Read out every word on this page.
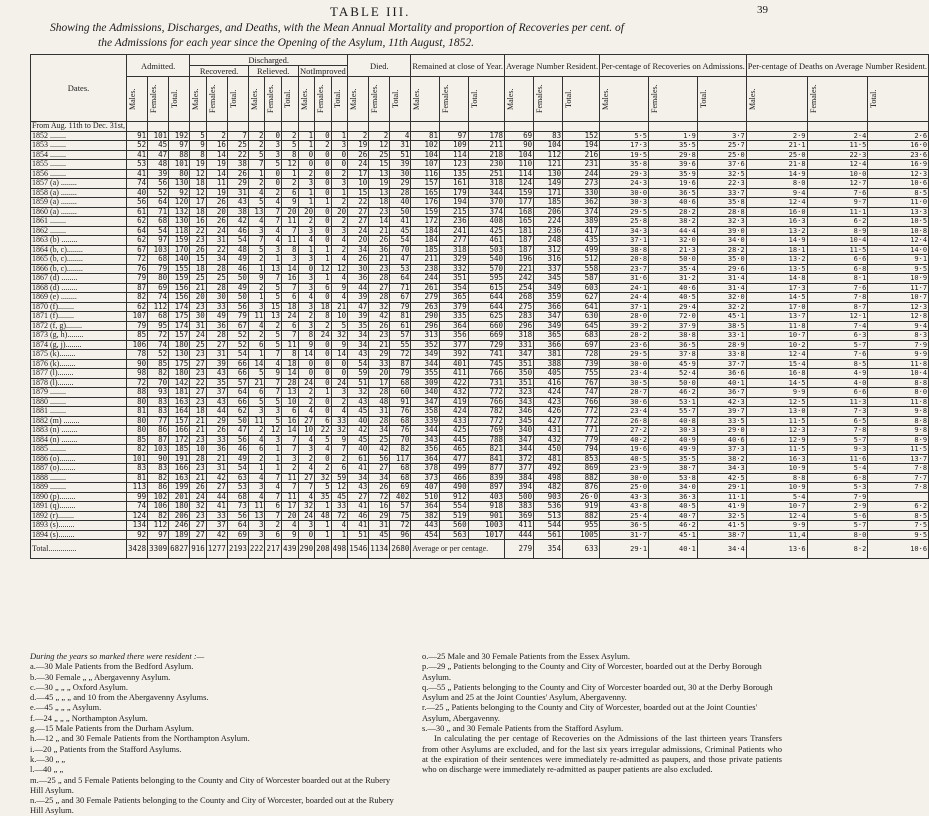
TABLE III.	39
Showing the Admissions, Discharges, and Deaths, with the Mean Annual Mortality and proportion of Recoveries per cent. of
the Admissions for each year since the Opening of the Asylum, 11th August, 1852.
Dates.	Admitted.			Discharged.									Died.			Remained at close of Year.			Average Number Resident.			Per-centage of Recoveries on Admissions.			Per-centage of Deaths on Average Number Resident.		
				Recovered.			Relieved.			NotImproved																	

	Males.	Females.	Total.	Males.	Females.	Total.	Males.	Females.	Total.	Males.	Females.	Total.	Males.	Females.	Total.	Males.	Females.	Total.	Males.	Females.	Total.	Males.	Females.	Total.	Males.	Females.	Total.

From Aug. 11th to Dec. 31st,																											
1852 ........	91	101	192	5	2	7	2	0	2	1	0	1	2	2	4	81	97	178	69	83	152	5·5	1·9	3·7	2·9	2·4	2·6
1853 ........	52	45	97	9	16	25	2	3	5	1	2	3	19	12	31	102	109	211	90	104	194	17·3	35·5	25·7	21·1	11·5	16·0
1854 ........	41	47	88	8	14	22	5	3	8	0	0	0	26	25	51	104	114	218	104	112	216	19·5	29·8	25·0	25·0	22·3	23·6
1855 ........	53	48	101	19	19	38	7	5	12	0	0	0	24	15	39	107	123	230	110	121	231	35·8	39·6	37·6	21·8	12·4	16·9
1856 ........	41	39	80	12	14	26	1	0	1	2	0	2	17	13	30	116	135	251	114	130	244	29·3	35·9	32·5	14·9	10·0	12·3
1857 (a) ........	74	56	130	18	11	29	2	0	2	3	0	3	10	19	29	157	161	318	124	149	273	24·3	19·6	22·3	8·0	12·7	10·6
1858 (a) ........	40	52	92	12	19	31	4	2	6	1	0	1	15	13	28	165	179	344	159	171	330	30·0	36·5	33·7	9·4	7·6	8·5
1859 (a) ........	56	64	120	17	26	43	5	4	9	1	1	2	22	18	40	176	194	370	177	185	362	30·3	40·6	35·8	12·4	9·7	11·0
1860 (a) ........	61	71	132	18	20	38	13	7	20	20	0	20	27	23	50	159	215	374	168	206	374	29·5	28·2	28·8	16·0	11·1	13·3
1861 ........	62	68	130	16	26	42	4	7	11	2	0	2	27	14	41	172	236	408	165	224	389	25·8	38·2	32·3	16·3	6·2	10·5
1862 ........	64	54	118	22	24	46	3	4	7	3	0	3	24	21	45	184	241	425	181	236	417	34·3	44·4	39·0	13·2	8·9	10·8
1863 (b) ........	62	97	159	23	31	54	7	4	11	4	0	4	20	26	54	184	277	461	187	248	435	37·1	32·0	34·0	14·9	10·4	12·4
1864 (b, c)........	67	103	170	26	22	48	5	3	8	1	1	2	34	36	70	185	318	503	187	312	499	38·8	21·3	28·2	18·1	11·5	14·0
1865 (b, c)........	72	68	140	15	34	49	2	1	3	3	1	4	26	21	47	211	329	540	196	316	512	20·8	50·0	35·0	13·2	6·6	9·1
1866 (b, c)........	76	79	155	18	28	46	1	13	14	0	12	12	30	23	53	238	332	570	221	337	558	23·7	35·4	29·6	13·5	6·8	9·5
1867 (d) ........	79	80	159	25	25	50	9	7	16	3	1	4	36	28	64	244	351	595	242	345	587	31·6	31·2	31·4	14·8	8·1	10·9
1868 (d) ........	87	69	156	21	28	49	2	5	7	3	6	9	44	27	71	261	354	615	254	349	603	24·1	40·6	31·4	17·3	7·6	11·7
1869 (e) ........	82	74	156	20	30	50	1	5	6	4	0	4	39	28	67	279	365	644	268	359	627	24·4	40·5	32·0	14·5	7·8	10·7
1870 (f)........	62	112	174	23	33	56	3	15	18	3	18	21	47	32	79	263	379	644	275	366	641	37·1	29·4	32·2	17·0	8·7	12·3
1871 (f)........	107	68	175	30	49	79	11	13	24	2	8	10	39	42	81	290	335	625	283	347	630	28·0	72·0	45·1	13·7	12·1	12·8
1872 (f, g)........	79	95	174	31	36	67	4	2	6	3	2	5	35	26	61	296	364	660	296	349	645	39·2	37·9	38·5	11·8	7·4	9·4
1873 (g, h)........	85	72	157	24	28	52	2	5	7	8	24	32	34	23	57	313	356	669	318	365	683	28·2	38·8	33·1	10·7	6·3	8·3
1874 (g, j)........	106	74	180	25	27	52	6	5	11	9	0	9	34	21	55	352	377	729	331	366	697	23·6	36·5	28·9	10·2	5·7	7·9
1875 (k)........	78	52	130	23	31	54	1	7	8	14	0	14	43	29	72	349	392	741	347	381	728	29·5	37·8	33·8	12·4	7·6	9·9
1876 (k)........	90	85	175	27	39	66	14	4	18	0	0	0	54	33	87	344	401	745	351	388	739	30·0	45·9	37·7	15·4	8·5	11·8
1877 (l)........	98	82	180	23	43	66	5	9	14	0	0	0	59	20	79	355	411	766	350	405	755	23·4	52·4	36·6	16·8	4·9	10·4
1878 (l)........	72	70	142	22	35	57	21	7	28	24	0	24	51	17	68	309	422	731	351	416	767	30·5	50·0	40·1	14·5	4·0	8·8
1879 ........	88	93	181	27	37	64	6	7	13	2	1	3	32	28	60	340	432	772	323	424	747	28·7	46·2	36·7	9·9	6·6	8·0
1880 ........	80	83	163	23	43	66	5	5	10	2	0	2	43	48	91	347	419	766	343	423	766	30·6	53·1	42·3	12·5	11·3	11·8
1881 ........	81	83	164	18	44	62	3	3	6	4	0	4	45	31	76	358	424	782	346	426	772	23·4	55·7	39·7	13·0	7·3	9·8
1882 (m) ........	80	77	157	21	29	50	11	5	16	27	6	33	40	28	68	339	433	772	345	427	772	26·8	40·8	33·5	11·5	6·5	8·8
1883 (n) ........	80	86	166	21	26	47	2	12	14	10	22	32	42	34	76	344	425	769	340	431	771	27·2	30·3	29·0	12·3	7·8	9·8
1884 (n) ........	85	87	172	23	33	56	4	3	7	4	5	9	45	25	70	343	445	788	347	432	779	40·2	40·9	40·6	12·9	5·7	8·9
1885 ........	82	103	185	10	36	46	6	1	7	3	4	7	40	42	82	356	465	821	344	450	794	19·6	49·9	37·3	11·5	9·3	11·5
1886 (o)........	101	90	191	28	21	49	2	1	3	2	0	2	61	56	117	364	477	841	372	481	853	40·5	35·5	38·2	16·3	11·6	13·7
1887 (o)........	83	83	166	23	31	54	1	1	2	4	2	6	41	27	68	378	499	877	377	492	869	23·9	38·7	34·3	10·9	5·4	7·8
1888 ........	81	82	163	21	42	63	4	7	11	27	32	59	34	34	68	373	466	839	384	498	882	30·0	53·8	42·5	8·8	6·8	7·7
1889 ........	113	86	199	26	27	53	3	4	7	7	5	12	43	26	69	407	490	897	394	482	876	25·0	34·0	29·1	10·9	5·3	7·8
1890 (p)........	99	102	201	24	44	68	4	7	11	4	35	45	27	72	402	510	912	403	500	903	26·0	43·3	36·3	11·1	5·4	7·9	
1891 (q)........	74	106	180	32	41	73	11	6	17	32	1	33	41	16	57	364	554	918	383	536	919	43·8	40·5	41·9	10·7	2·9	6·2
1892 (r)........	124	82	206	23	33	56	13	7	20	24	48	72	46	29	75	382	519	901	369	513	882	25·4	40·7	32·5	12·4	5·6	8·5
1893 (s)........	134	112	246	27	37	64	3	2	4	3	1	4	41	31	72	443	560	1003	411	544	955	36·5	46·2	41·5	9·9	5·7	7·5
1894 (s)........	92	97	189	27	42	69	3	6	9	0	1	1	51	45	96	454	563	1017	444	561	1005	31·7	45·1	38·7	11,4	8·0	9·5
Total..............	3428	3309	6827	916	1277	2193	222	217	439	290	208	498	1546	1134	2680	Average or per centage.			279	354	633	29·1	40·1	34·4	13·6	8·2	10·6

During the years so marked there were resident :—

a.—30 Male Patients from the Bedford Asylum.

b.—30 Female „ „ Abergavenny Asylum.

c.—30 „ „ „ Oxford Asylum.

d.—45 „ „ „ and 10 from the Abergavenny Asylums.

e.—45 „ „ „ Asylum.

f.—24 „ „ „ Northampton Asylum.

g.—15 Male Patients from the Durham Asylum.

h.—12 „ and 30 Female Patients from the Northampton Asylum.

i.—20 „ Patients from the Stafford Asylums.

k.—30 „ „

l.—40 „ „

m.—25 „ and 5 Female Patients belonging to the County and City of Worcester boarded out at the Rubery Hill Asylum.

n.—25 „ and 30 Female Patients belonging to the County and City of Worcester, boarded out at the Rubery Hill Asylum.

o.—25 Male and 30 Female Patients from the Essex Asylum.

p.—29 „ Patients belonging to the County and City of Worcester, boarded out at the Derby Borough Asylum.

q.—55 „ Patients belonging to the County and City of Worcester boarded out, 30 at the Derby Borough Asylum and 25 at the Joint Counties' Asylum, Abergavenny.

r.—25 „ Patients belonging to the County and City of Worcester, boarded out at the Joint Counties' Asylum, Abergavenny.

s.—30 „ and 30 Female Patients from the Stafford Asylum.

In calculating the per centage of Recoveries on the Admissions of the last thirteen years Transfers from other Asylums are excluded, and for the last six years irregular admissions, Criminal Patients who at the expiration of their sentences were immediately re-admitted as paupers, and those private patients who on discharge were immediately re-admitted as pauper patients are also excluded.
